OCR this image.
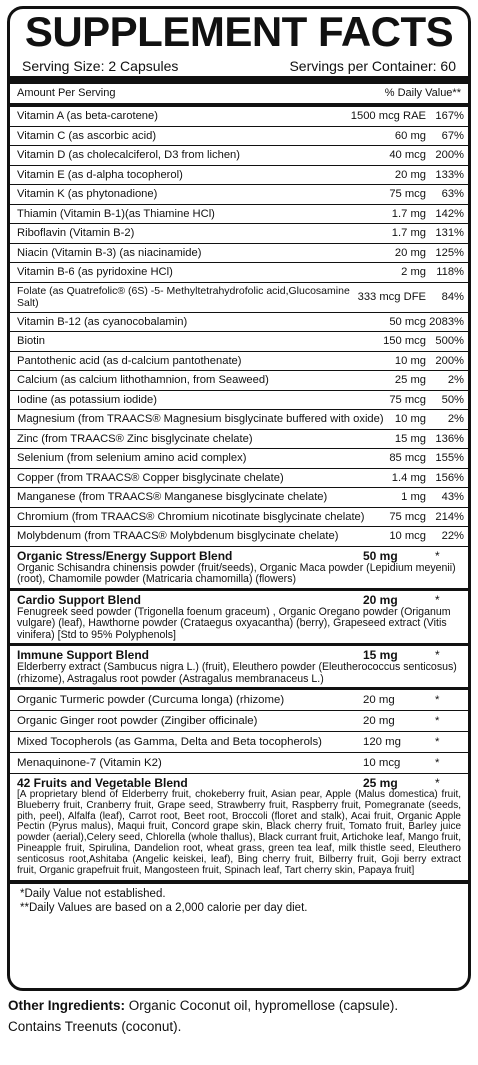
SUPPLEMENT FACTS
Serving Size: 2 Capsules	Servings per Container: 60
Amount Per Serving	% Daily Value**
Vitamin A (as beta-carotene)	1500 mcg RAE 167%
Vitamin C (as ascorbic acid)	60 mg	67%
Vitamin D (as cholecalciferol, D3 from lichen)	40 mcg 200%
Vitamin E (as d-alpha tocopherol)	20 mg 133%
Vitamin K (as phytonadione)	75 mcg	63%
Thiamin (Vitamin B-1)(as Thiamine HCl)	1.7 mg 142%
Riboflavin (Vitamin B-2)	1.7 mg 131%
Niacin (Vitamin B-3) (as niacinamide)	20 mg 125%
Vitamin B-6 (as pyridoxine HCl)	2 mg 118%
Folate (as Quatrefolic® (6S) -5- Methyltetrahydrofolic acid,Glucosamine Salt)	333 mcg DFE	84%
Vitamin B-12 (as cyanocobalamin)	50 mcg 2083%
Biotin	150 mcg 500%
Pantothenic acid (as d-calcium pantothenate)	10 mg 200%
Calcium (as calcium lithothamnion, from Seaweed)	25 mg	2%
Iodine (as potassium iodide)	75 mcg	50%
Magnesium (from TRAACS® Magnesium bisglycinate buffered with oxide)	10 mg	2%
Zinc (from TRAACS® Zinc bisglycinate chelate)	15 mg 136%
Selenium (from selenium amino acid complex)	85 mcg 155%
Copper (from TRAACS® Copper bisglycinate chelate)	1.4 mg 156%
Manganese (from TRAACS® Manganese bisglycinate chelate)	1 mg	43%
Chromium (from TRAACS® Chromium nicotinate bisglycinate chelate)	75 mcg 214%
Molybdenum (from TRAACS® Molybdenum bisglycinate chelate)	10 mcg	22%
Organic Stress/Energy Support Blend	50 mg	*
Organic Schisandra chinensis powder (fruit/seeds), Organic Maca powder (Lepidium meyenii) (root), Chamomile powder (Matricaria chamomilla) (flowers)
Cardio Support Blend	20 mg	*
Fenugreek seed powder (Trigonella foenum graceum) , Organic Oregano powder (Origanum vulgare) (leaf), Hawthorne powder (Crataegus oxyacantha) (berry), Grapeseed extract (Vitis vinifera) [Std to 95% Polyphenols]
Immune Support Blend	15 mg	*
Elderberry extract (Sambucus nigra L.) (fruit), Eleuthero powder (Eleutherococcus senticosus) (rhizome), Astragalus root powder (Astragalus membranaceus L.)
Organic Turmeric powder (Curcuma longa) (rhizome)	20 mg	*
Organic Ginger root powder (Zingiber officinale)	20 mg	*
Mixed Tocopherols (as Gamma, Delta and Beta tocopherols)	120 mg	*
Menaquinone-7 (Vitamin K2)	10 mcg	*
42 Fruits and Vegetable Blend	25 mg	*
[A proprietary blend of Elderberry fruit, chokeberry fruit, Asian pear, Apple (Malus domestica) fruit, Blueberry fruit, Cranberry fruit, Grape seed, Strawberry fruit, Raspberry fruit, Pomegranate (seeds, pith, peel), Alfalfa (leaf), Carrot root, Beet root, Broccoli (floret and stalk), Acai fruit, Organic Apple Pectin (Pyrus malus), Maqui fruit, Concord grape skin, Black cherry fruit, Tomato fruit, Barley juice powder (aerial),Celery seed, Chlorella (whole thallus), Black currant fruit, Artichoke leaf, Mango fruit, Pineapple fruit, Spirulina, Dandelion root, wheat grass, green tea leaf, milk thistle seed, Eleuthero senticosus root,Ashitaba (Angelic keiskei, leaf), Bing cherry fruit, Bilberry fruit, Goji berry extract fruit, Organic grapefruit fruit, Mangosteen fruit, Spinach leaf, Tart cherry skin, Papaya fruit]
*Daily Value not established.
**Daily Values are based on a 2,000 calorie per day diet.
Other Ingredients: Organic Coconut oil, hypromellose (capsule).
Contains Treenuts (coconut).
